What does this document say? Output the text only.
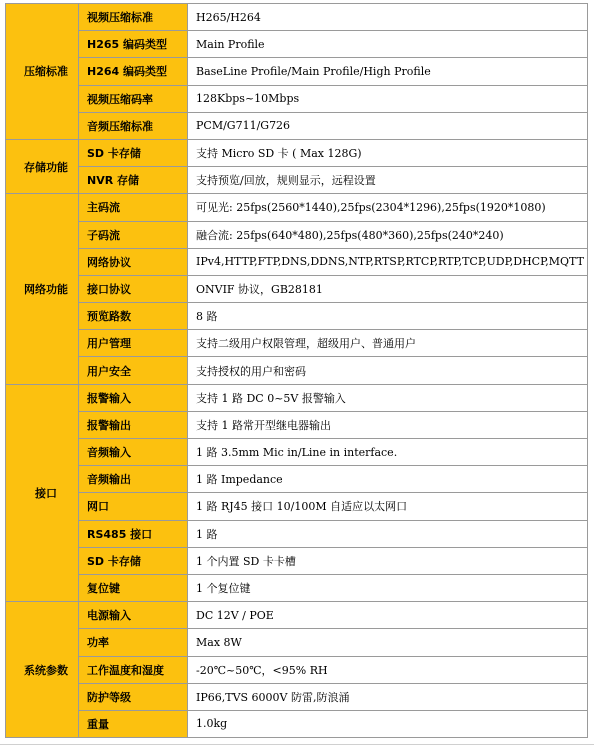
压缩标准	视频压缩标准	H265/H264
	H265 编码类型	Main Profile
	H264 编码类型	BaseLine Profile/Main Profile/High Profile
	视频压缩码率	128Kbps~10Mbps
	音频压缩标准	PCM/G711/G726
存储功能	SD 卡存储	支持 Micro SD 卡 ( Max 128G)
	NVR 存储	支持预览/回放，规则显示，远程设置
网络功能	主码流	可见光: 25fps(2560*1440),25fps(2304*1296),25fps(1920*1080)
	子码流	融合流: 25fps(640*480),25fps(480*360),25fps(240*240)
	网络协议	IPv4,HTTP,FTP,DNS,DDNS,NTP,RTSP,RTCP,RTP,TCP,UDP,DHCP,MQTT
	接口协议	ONVIF 协议，GB28181
	预览路数	8 路
	用户管理	支持二级用户权限管理，超级用户、普通用户
	用户安全	支持授权的用户和密码
接口	报警输入	支持 1 路 DC 0~5V 报警输入
	报警输出	支持 1 路常开型继电器输出
	音频输入	1 路 3.5mm Mic in/Line in interface.
	音频输出	1 路 Impedance
	网口	1 路 RJ45 接口 10/100M 自适应以太网口
	RS485 接口	1 路
	SD 卡存储	1 个内置 SD 卡卡槽
	复位键	1 个复位键
系统参数	电源输入	DC 12V / POE
	功率	Max 8W
	工作温度和湿度	-20℃~50℃，<95% RH
	防护等级	IP66,TVS 6000V 防雷,防浪涌
	重量	1.0kg
